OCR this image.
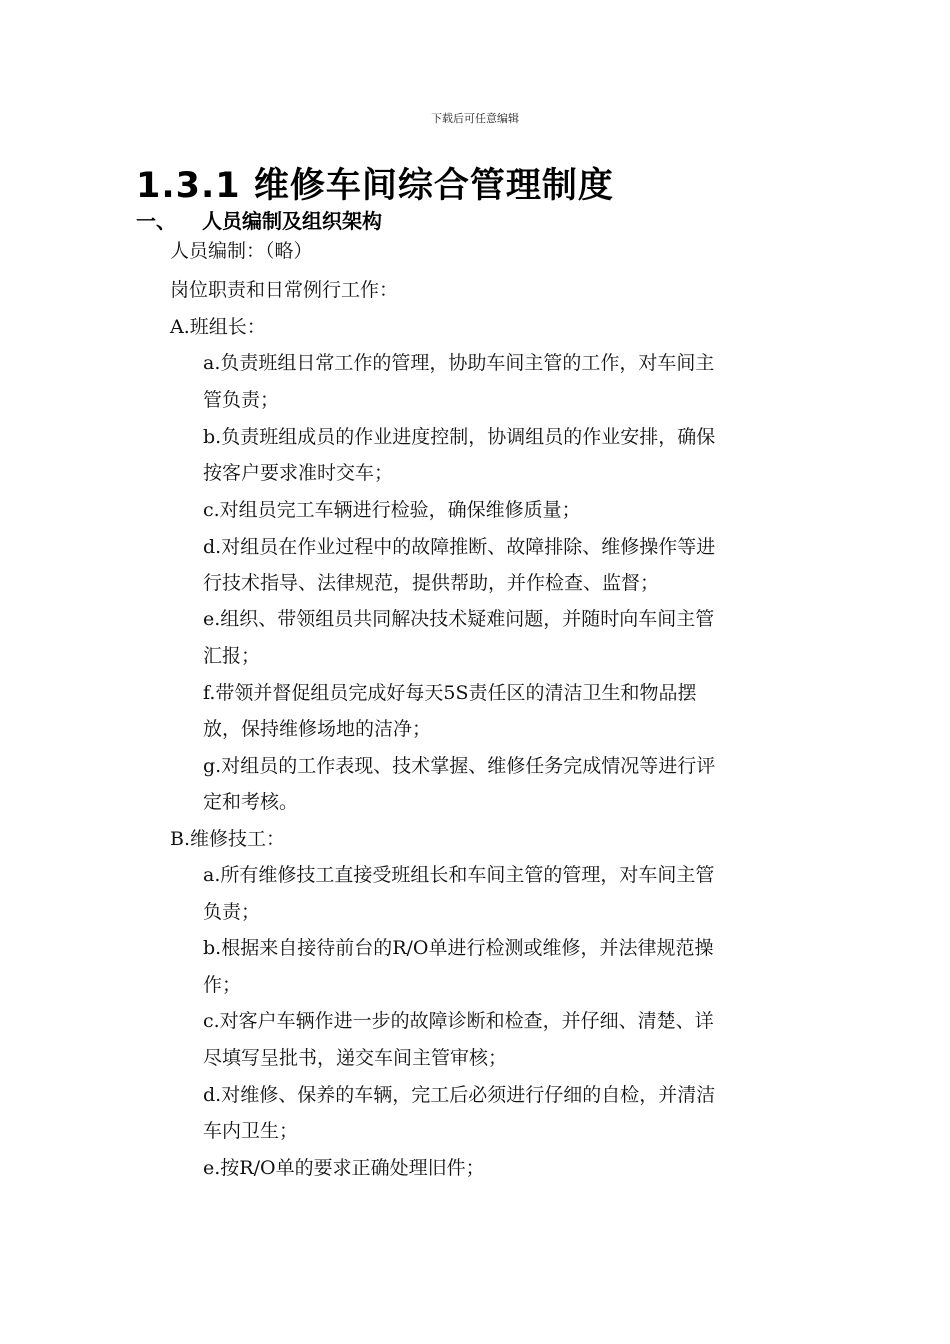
下载后可任意编辑
1.3.1 维修车间综合管理制度
一、 人员编制及组织架构
人员编制：（略）
岗位职责和日常例行工作：
A.班组长：
a.负责班组日常工作的管理，协助车间主管的工作，对车间主
管负责；
b.负责班组成员的作业进度控制，协调组员的作业安排，确保
按客户要求准时交车；
c.对组员完工车辆进行检验，确保维修质量；
d.对组员在作业过程中的故障推断、故障排除、维修操作等进
行技术指导、法律规范，提供帮助，并作检查、监督；
e.组织、带领组员共同解决技术疑难问题，并随时向车间主管
汇报；
f.带领并督促组员完成好每天5S责任区的清洁卫生和物品摆
放，保持维修场地的洁净；
g.对组员的工作表现、技术掌握、维修任务完成情况等进行评
定和考核。
B.维修技工：
a.所有维修技工直接受班组长和车间主管的管理，对车间主管
负责；
b.根据来自接待前台的R/O单进行检测或维修，并法律规范操
作；
c.对客户车辆作进一步的故障诊断和检查，并仔细、清楚、详
尽填写呈批书，递交车间主管审核；
d.对维修、保养的车辆，完工后必须进行仔细的自检，并清洁
车内卫生；
e.按R/O单的要求正确处理旧件；
